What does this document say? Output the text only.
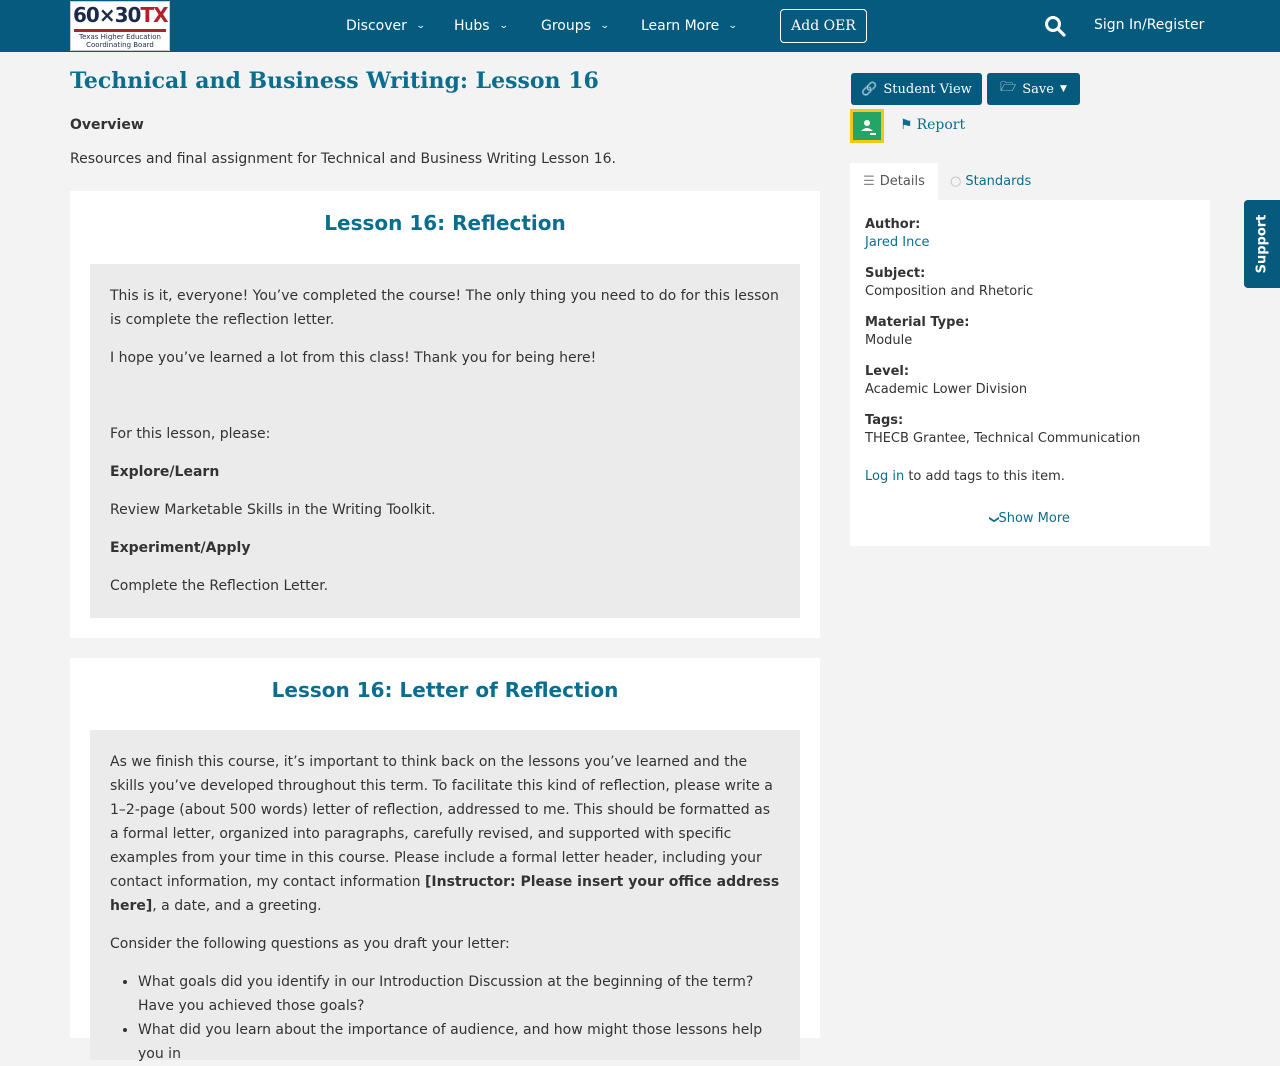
60×30TX
Texas Higher Education
Coordinating Board
Discover ⌄ Hubs ⌄ Groups ⌄ Learn More ⌄	Add OER	Sign In/Register
Technical and Business Writing: Lesson 16
Overview
Resources and final assignment for Technical and Business Writing Lesson 16.
Lesson 16: Reflection

This is it, everyone! You’ve completed the course! The only thing you need to do for this lesson is complete the reflection letter.

I hope you’ve learned a lot from this class! Thank you for being here!

For this lesson, please:

Explore/Learn

Review Marketable Skills in the Writing Toolkit.

Experiment/Apply

Complete the Reflection Letter.

Lesson 16: Letter of Reflection

As we finish this course, it’s important to think back on the lessons you’ve learned and the skills you’ve developed throughout this term. To facilitate this kind of reflection, please write a 1–2-page (about 500 words) letter of reflection, addressed to me. This should be formatted as a formal letter, organized into paragraphs, carefully revised, and supported with specific examples from your time in this course. Please include a formal letter header, including your contact information, my contact information [Instructor: Please insert your office address here], a date, and a greeting.

Consider the following questions as you draft your letter:

• What goals did you identify in our Introduction Discussion at the beginning of the term? Have you achieved those goals?
• What did you learn about the importance of audience, and how might those lessons help you in
🔗 Student View 🗁 Save ▼
⚑ Report
☰ Details ○ Standards
Author:
Jared Ince
Subject:
Composition and Rhetoric
Material Type:
Module
Level:
Academic Lower Division
Tags:
THECB Grantee, Technical Communication
Log in to add tags to this item.
❯Show More
Support
